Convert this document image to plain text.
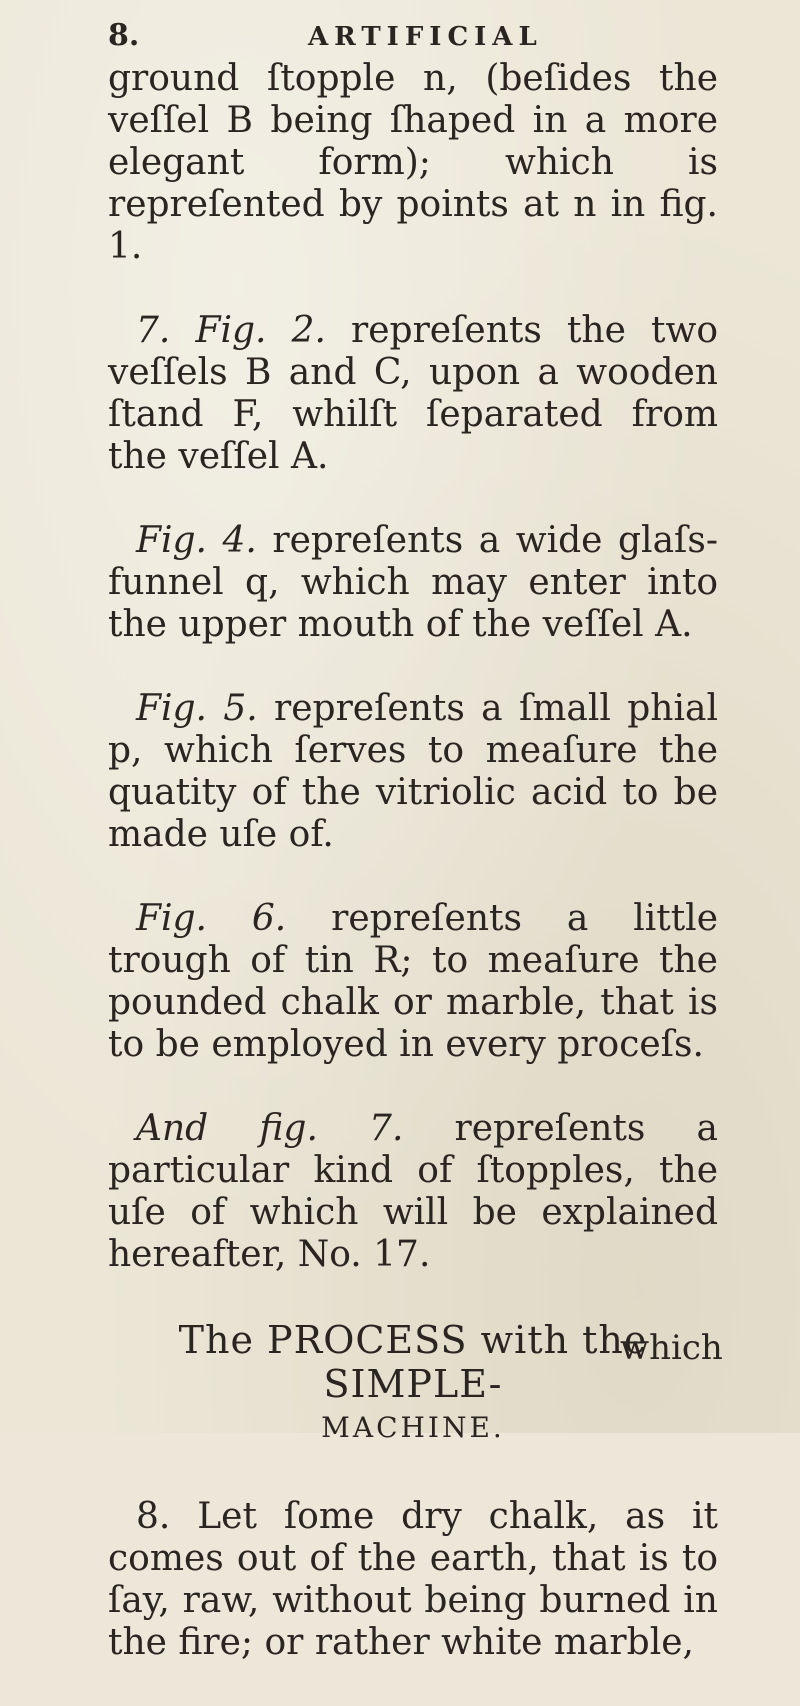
8.	ARTIFICIAL

ground ſtopple n, (beſides the veſſel B being ſhaped in a more elegant form); which is repreſented by points at n in fig. 1.

7. Fig. 2. repreſents the two veſſels B and C, upon a wooden ſtand F, whilſt ſeparated from the veſſel A.

Fig. 4. repreſents a wide glaſs-funnel q, which may enter into the upper mouth of the veſſel A.

Fig. 5. repreſents a ſmall phial p, which ſerves to meaſure the quatity of the vitriolic acid to be made uſe of.

Fig. 6. repreſents a little trough of tin R; to meaſure the pounded chalk or marble, that is to be employed in every proceſs.

And fig. 7. repreſents a particular kind of ſtopples, the uſe of which will be explained hereafter, No. 17.

The PROCESS with the SIMPLE-
MACHINE.

8. Let ſome dry chalk, as it comes out of the earth, that is to ſay, raw, without being burned in the fire; or rather white marble,

which
